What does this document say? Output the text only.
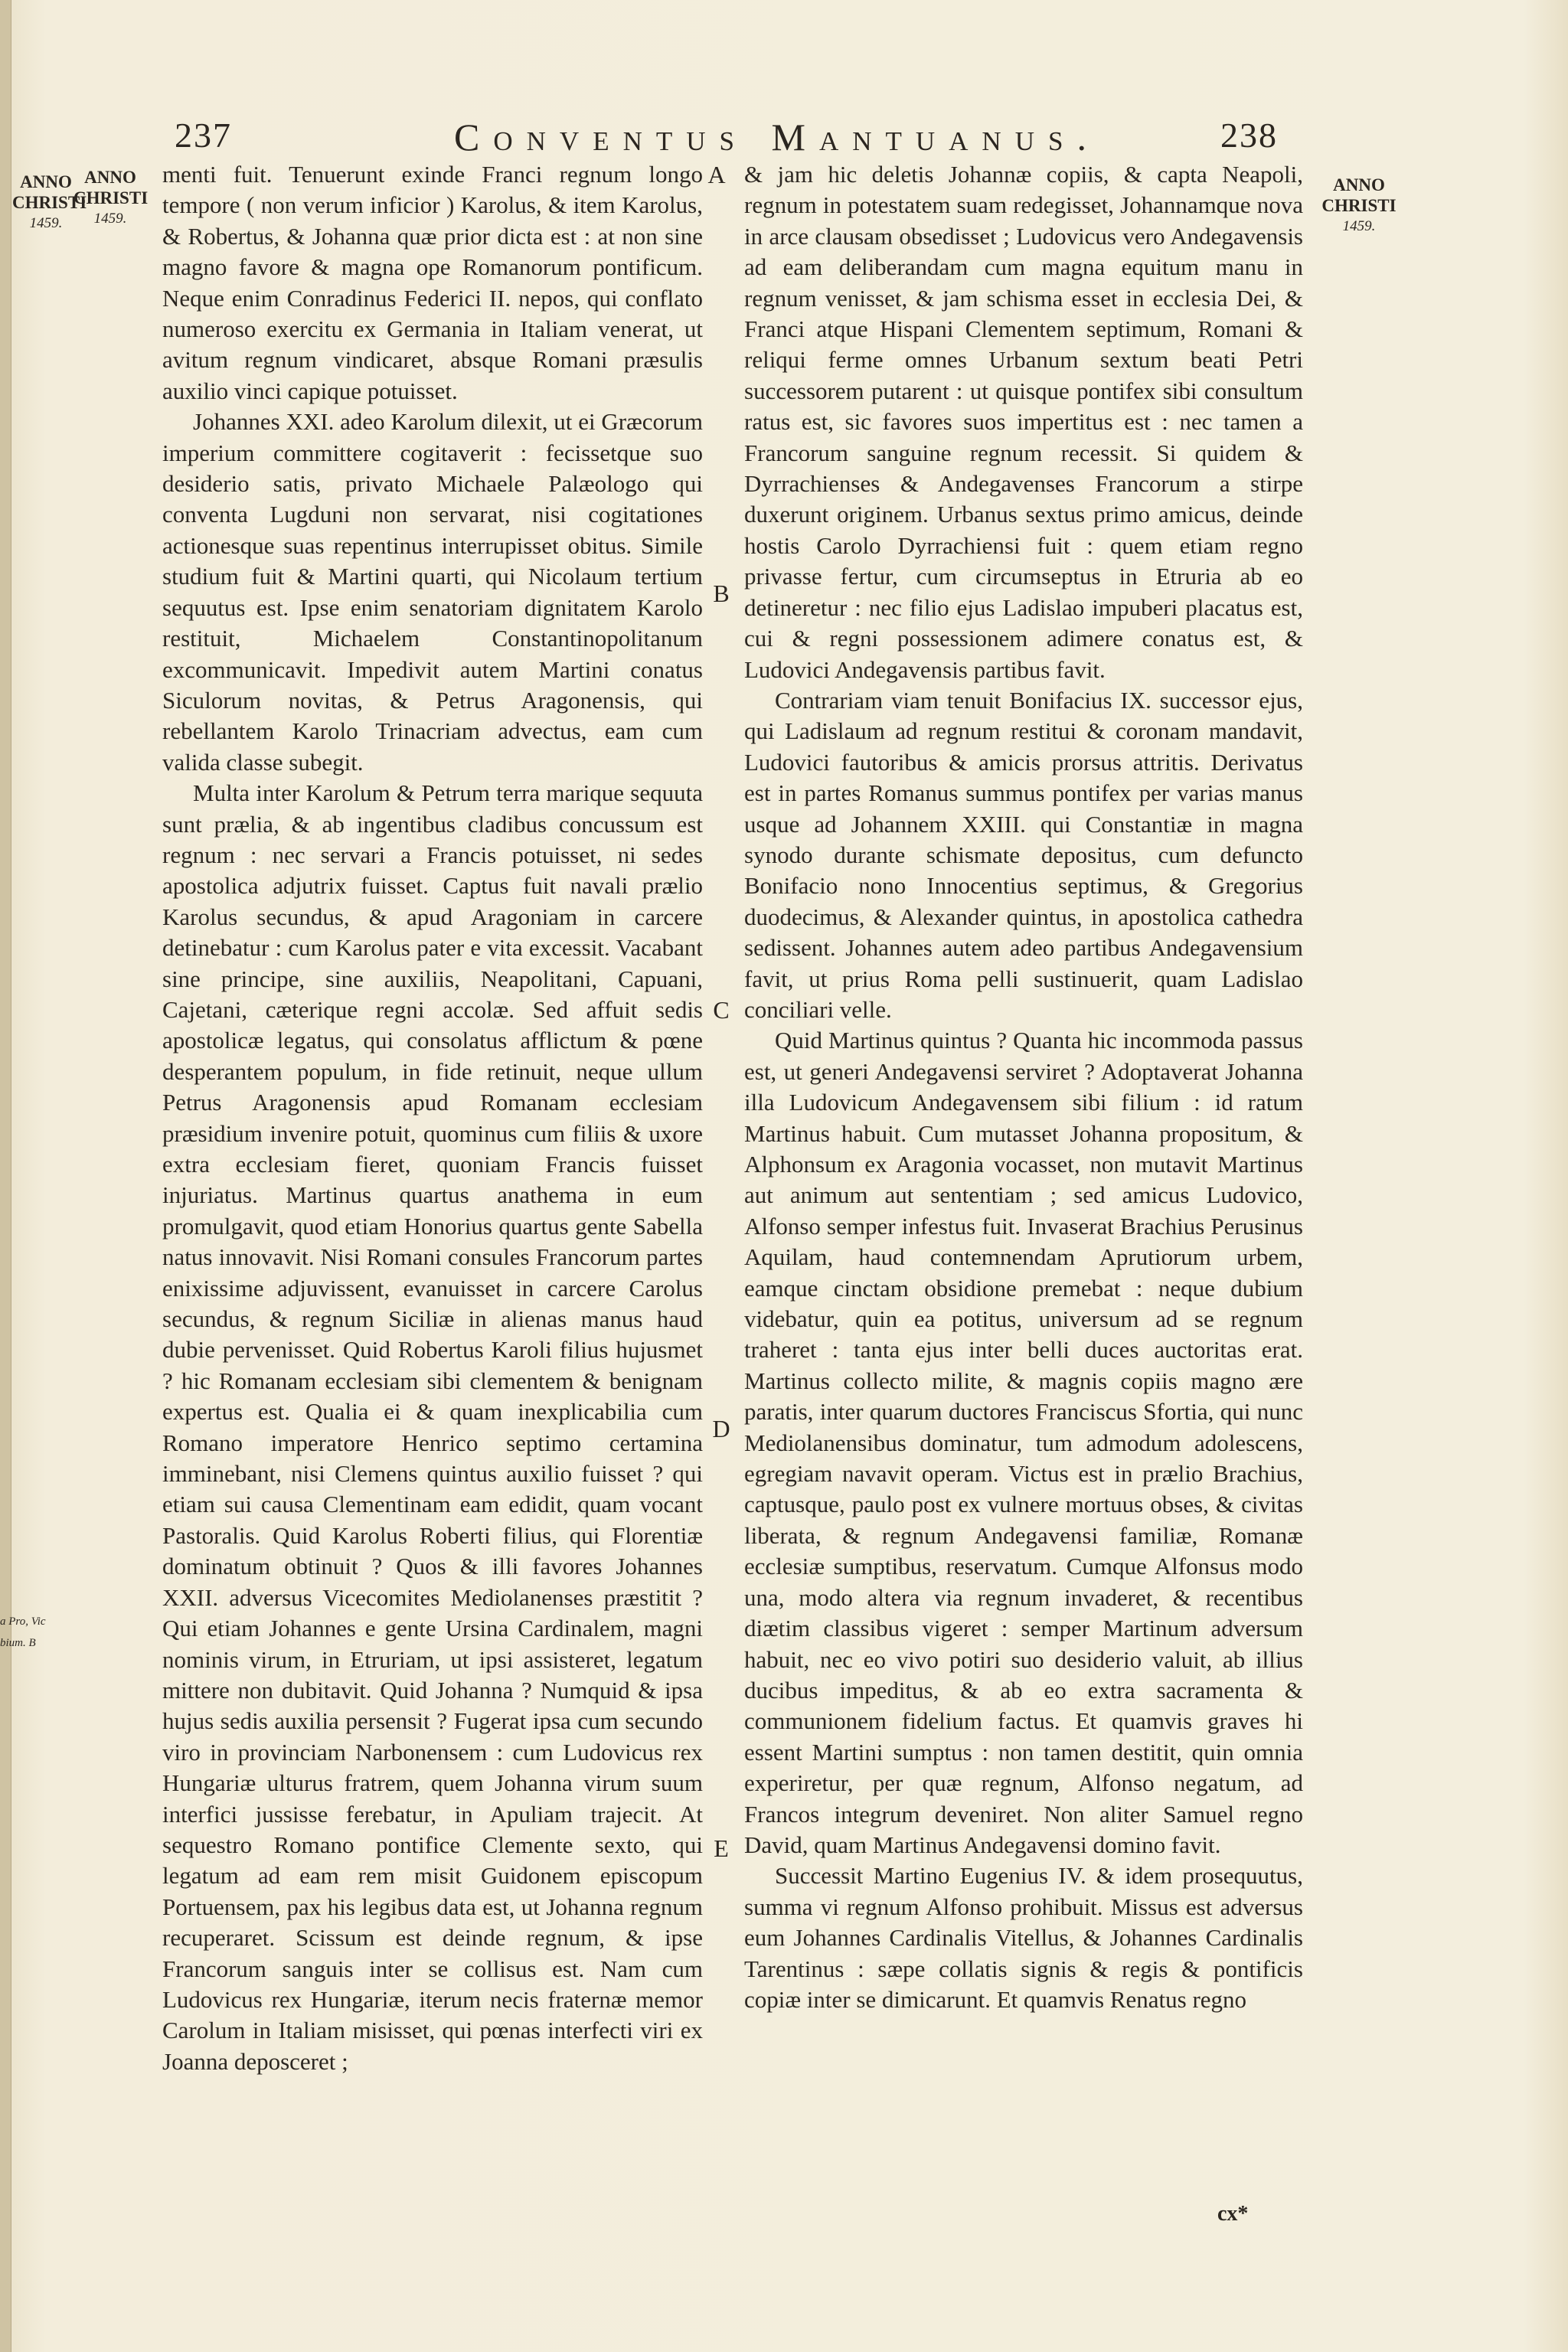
237	Conventus Mantuanus.	238
ANNO CHRISTI
1459.
ANNO CHRISTI
1459.
ANNO CHRISTI
1459.
a Pro, Vic bium. B

menti fuit. Tenuerunt exinde Franci regnum longo tempore ( non verum inficior ) Karolus, & item Karolus, & Robertus, & Johanna quæ prior dicta est : at non sine magno favore & magna ope Romanorum pontificum. Neque enim Conradinus Federici II. nepos, qui conflato numeroso exercitu ex Germania in Italiam venerat, ut avitum regnum vindicaret, absque Romani præsulis auxilio vinci capique potuisset.

Johannes XXI. adeo Karolum dilexit, ut ei Græcorum imperium committere cogitaverit : fecissetque suo desiderio satis, privato Michaele Palæologo qui conventa Lugduni non servarat, nisi cogitationes actionesque suas repentinus interrupisset obitus. Simile studium fuit & Martini quarti, qui Nicolaum tertium sequutus est. Ipse enim senatoriam dignitatem Karolo restituit, Michaelem Constantinopolitanum excommunicavit. Impedivit autem Martini conatus Siculorum novitas, & Petrus Aragonensis, qui rebellantem Karolo Trinacriam advectus, eam cum valida classe subegit.

Multa inter Karolum & Petrum terra marique sequuta sunt prælia, & ab ingentibus cladibus concussum est regnum : nec servari a Francis potuisset, ni sedes apostolica adjutrix fuisset. Captus fuit navali prælio Karolus secundus, & apud Aragoniam in carcere detinebatur : cum Karolus pater e vita excessit. Vacabant sine principe, sine auxiliis, Neapolitani, Capuani, Cajetani, cæterique regni accolæ. Sed affuit sedis apostolicæ legatus, qui consolatus afflictum & pœne desperantem populum, in fide retinuit, neque ullum Petrus Aragonensis apud Romanam ecclesiam præsidium invenire potuit, quominus cum filiis & uxore extra ecclesiam fieret, quoniam Francis fuisset injuriatus. Martinus quartus anathema in eum promulgavit, quod etiam Honorius quartus gente Sabella natus innovavit. Nisi Romani consules Francorum partes enixissime adjuvissent, evanuisset in carcere Carolus secundus, & regnum Siciliæ in alienas manus haud dubie pervenisset. Quid Robertus Karoli filius hujusmet ? hic Romanam ecclesiam sibi clementem & benignam expertus est. Qualia ei & quam inexplicabilia cum Romano imperatore Henrico septimo certamina imminebant, nisi Clemens quintus auxilio fuisset ? qui etiam sui causa Clementinam eam edidit, quam vocant Pastoralis. Quid Karolus Roberti filius, qui Florentiæ dominatum obtinuit ? Quos & illi favores Johannes XXII. adversus Vicecomites Mediolanenses præstitit ? Qui etiam Johannes e gente Ursina Cardinalem, magni nominis virum, in Etruriam, ut ipsi assisteret, legatum mittere non dubitavit. Quid Johanna ? Numquid & ipsa hujus sedis auxilia persensit ? Fugerat ipsa cum secundo viro in provinciam Narbonensem : cum Ludovicus rex Hungariæ ulturus fratrem, quem Johanna virum suum interfici jussisse ferebatur, in Apuliam trajecit. At sequestro Romano pontifice Clemente sexto, qui legatum ad eam rem misit Guidonem episcopum Portuensem, pax his legibus data est, ut Johanna regnum recuperaret. Scissum est deinde regnum, & ipse Francorum sanguis inter se collisus est. Nam cum Ludovicus rex Hungariæ, iterum necis fraternæ memor Carolum in Italiam misisset, qui pœnas interfecti viri ex Joanna deposceret ;

A
B
C
D
E

& jam hic deletis Johannæ copiis, & capta Neapoli, regnum in potestatem suam redegisset, Johannamque nova in arce clausam obsedisset ; Ludovicus vero Andegavensis ad eam deliberandam cum magna equitum manu in regnum venisset, & jam schisma esset in ecclesia Dei, & Franci atque Hispani Clementem septimum, Romani & reliqui ferme omnes Urbanum sextum beati Petri successorem putarent : ut quisque pontifex sibi consultum ratus est, sic favores suos impertitus est : nec tamen a Francorum sanguine regnum recessit. Si quidem & Dyrrachienses & Andegavenses Francorum a stirpe duxerunt originem. Urbanus sextus primo amicus, deinde hostis Carolo Dyrrachiensi fuit : quem etiam regno privasse fertur, cum circumseptus in Etruria ab eo detineretur : nec filio ejus Ladislao impuberi placatus est, cui & regni possessionem adimere conatus est, & Ludovici Andegavensis partibus favit.

Contrariam viam tenuit Bonifacius IX. successor ejus, qui Ladislaum ad regnum restitui & coronam mandavit, Ludovici fautoribus & amicis prorsus attritis. Derivatus est in partes Romanus summus pontifex per varias manus usque ad Johannem XXIII. qui Constantiæ in magna synodo durante schismate depositus, cum defuncto Bonifacio nono Innocentius septimus, & Gregorius duodecimus, & Alexander quintus, in apostolica cathedra sedissent. Johannes autem adeo partibus Andegavensium favit, ut prius Roma pelli sustinuerit, quam Ladislao conciliari velle.

Quid Martinus quintus ? Quanta hic incommoda passus est, ut generi Andegavensi serviret ? Adoptaverat Johanna illa Ludovicum Andegavensem sibi filium : id ratum Martinus habuit. Cum mutasset Johanna propositum, & Alphonsum ex Aragonia vocasset, non mutavit Martinus aut animum aut sententiam ; sed amicus Ludovico, Alfonso semper infestus fuit. Invaserat Brachius Perusinus Aquilam, haud contemnendam Aprutiorum urbem, eamque cinctam obsidione premebat : neque dubium videbatur, quin ea potitus, universum ad se regnum traheret : tanta ejus inter belli duces auctoritas erat. Martinus collecto milite, & magnis copiis magno ære paratis, inter quarum ductores Franciscus Sfortia, qui nunc Mediolanensibus dominatur, tum admodum adolescens, egregiam navavit operam. Victus est in prælio Brachius, captusque, paulo post ex vulnere mortuus obses, & civitas liberata, & regnum Andegavensi familiæ, Romanæ ecclesiæ sumptibus, reservatum. Cumque Alfonsus modo una, modo altera via regnum invaderet, & recentibus diætim classibus vigeret : semper Martinum adversum habuit, nec eo vivo potiri suo desiderio valuit, ab illius ducibus impeditus, & ab eo extra sacramenta & communionem fidelium factus. Et quamvis graves hi essent Martini sumptus : non tamen destitit, quin omnia experiretur, per quæ regnum, Alfonso negatum, ad Francos integrum deveniret. Non aliter Samuel regno David, quam Martinus Andegavensi domino favit.

Successit Martino Eugenius IV. & idem prosequutus, summa vi regnum Alfonso prohibuit. Missus est adversus eum Johannes Cardinalis Vitellus, & Johannes Cardinalis Tarentinus : sæpe collatis signis & regis & pontificis copiæ inter se dimicarunt. Et quamvis Renatus regno

cx*
